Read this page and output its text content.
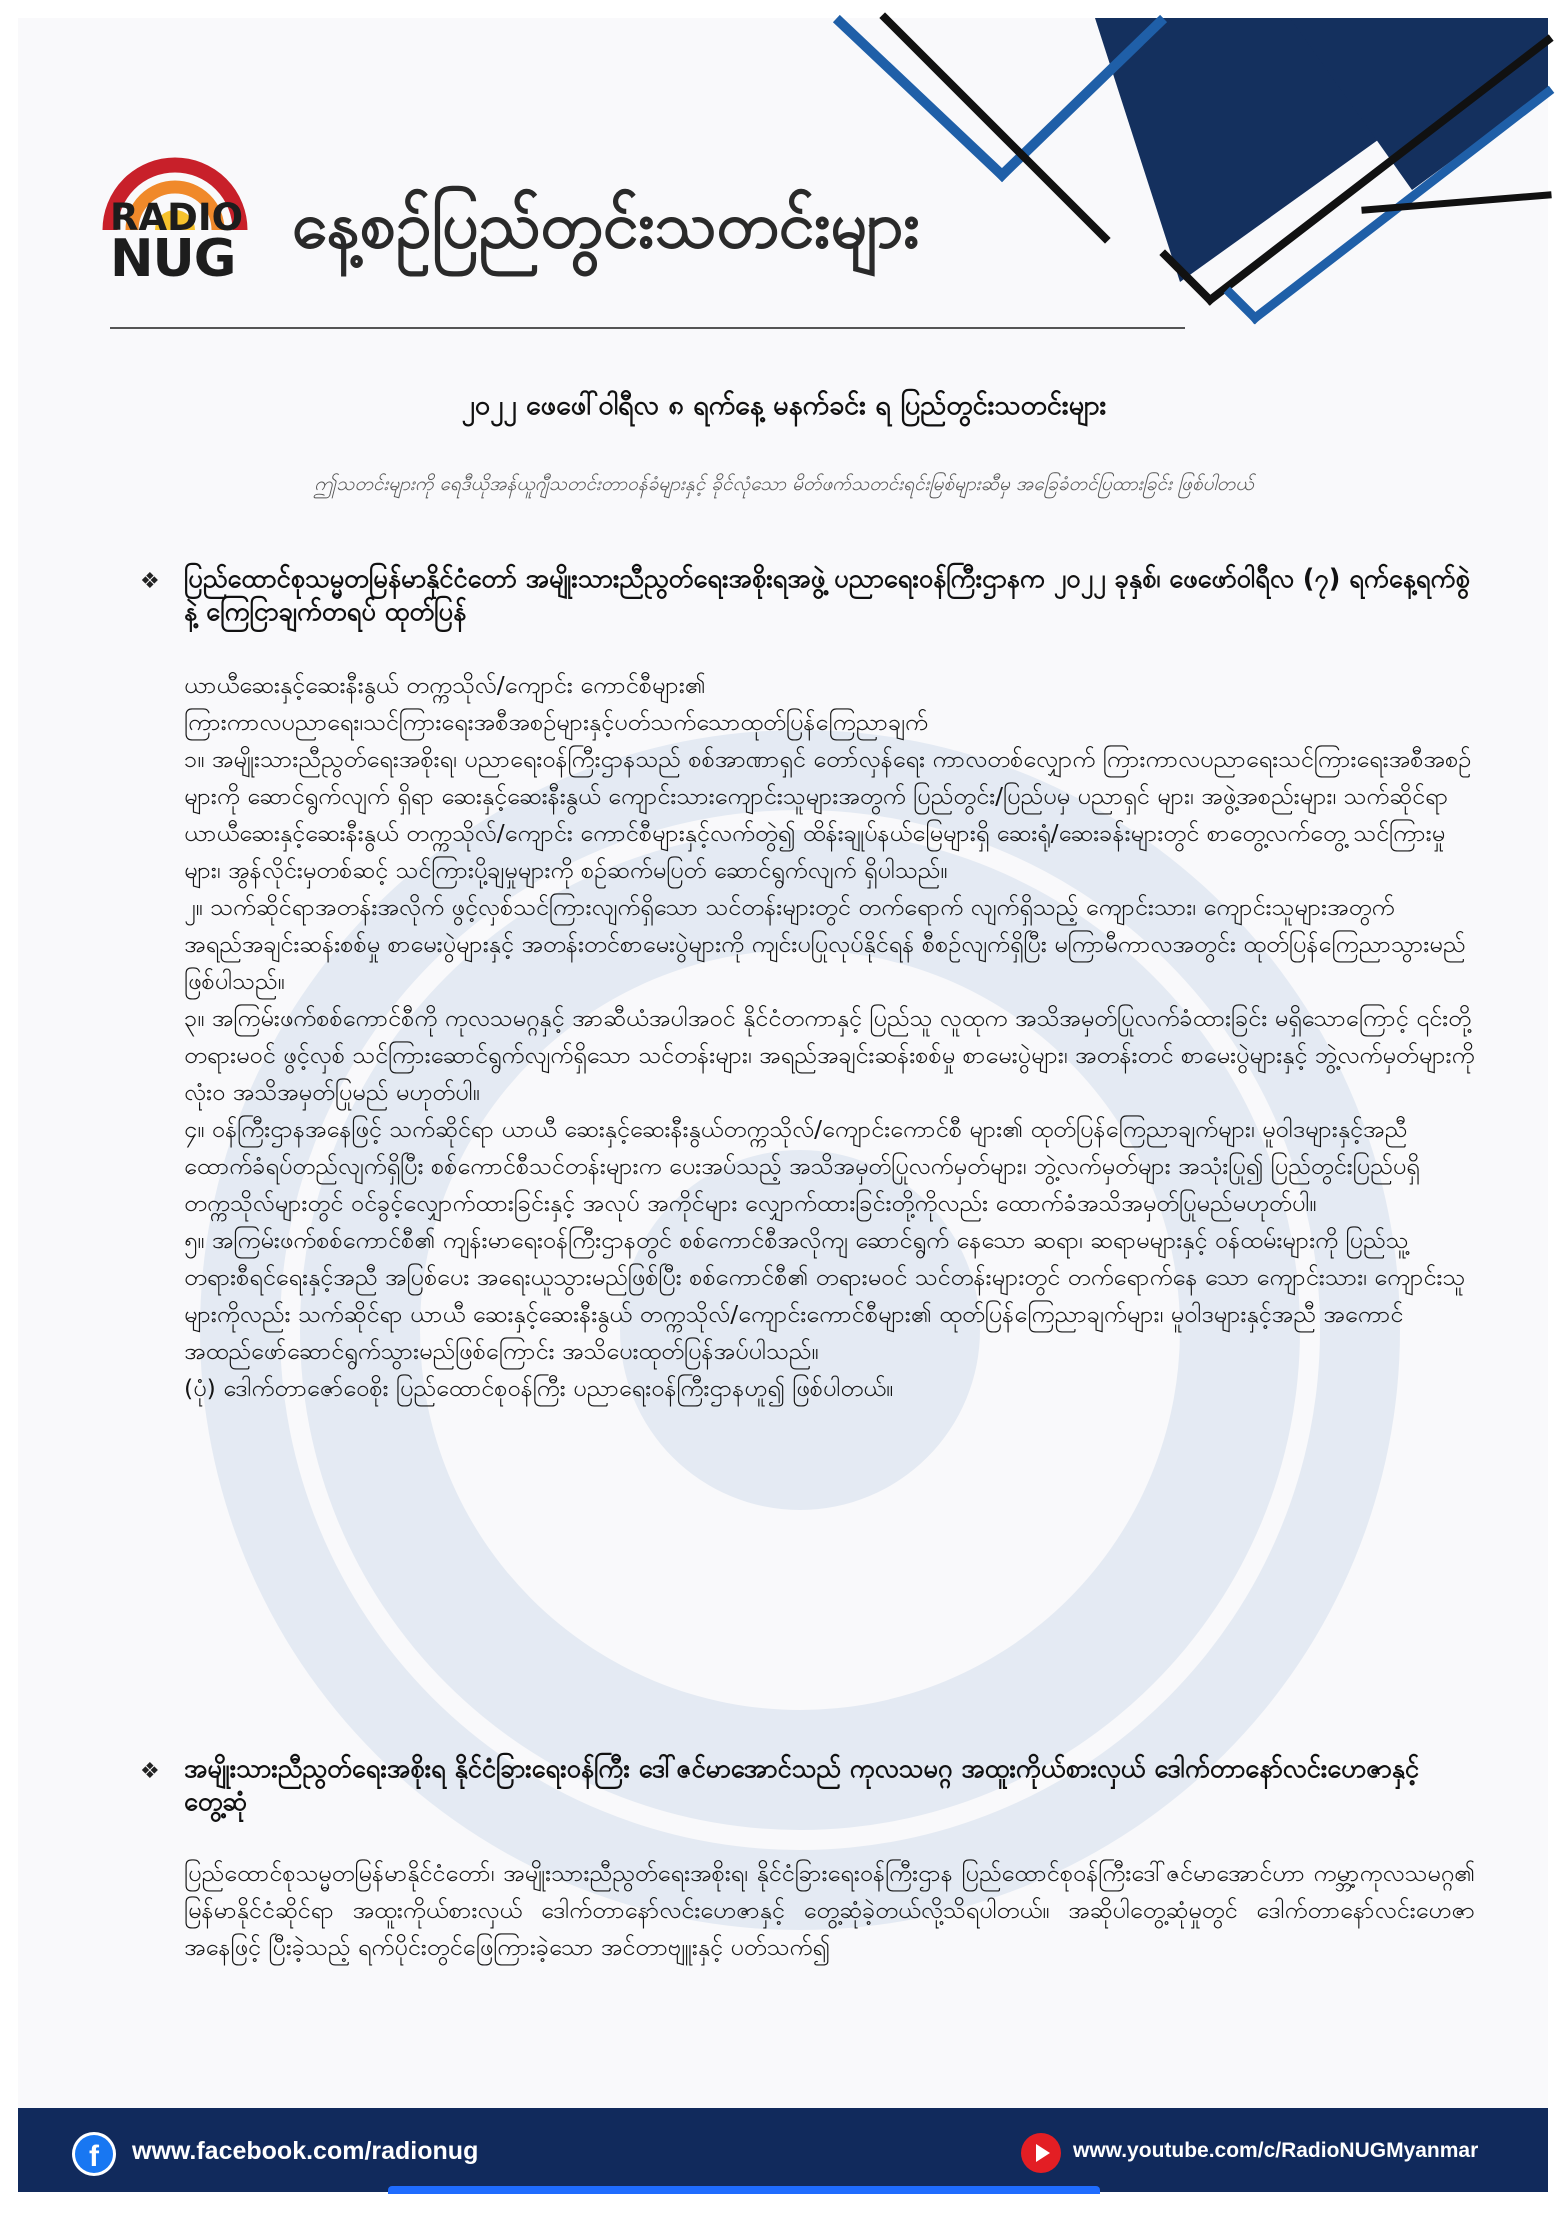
RADIO
NUG နေ့စဉ်ပြည်တွင်းသတင်းများ
၂၀၂၂ ဖေဖေါ်ဝါရီလ ၈ ရက်နေ့ မနက်ခင်း ရ ပြည်တွင်းသတင်းများ
ဤသတင်းများကို ရေဒီယိုအန်ယူဂျီသတင်းတာဝန်ခံများနှင့် ခိုင်လုံသော မိတ်ဖက်သတင်းရင်းမြစ်များဆီမှ အခြေခံတင်ပြထားခြင်း ဖြစ်ပါတယ်
❖ ပြည်ထောင်စုသမ္မတမြန်မာနိုင်ငံတော် အမျိုးသားညီညွတ်ရေးအစိုးရအဖွဲ့ ပညာရေးဝန်ကြီးဌာနက ၂၀၂၂ ခုနှစ်၊ ဖေဖော်ဝါရီလ (၇) ရက်နေ့ရက်စွဲနဲ့ ကြေငြာချက်တရပ် ထုတ်ပြန်

ယာယီဆေးနှင့်ဆေးနီးနွယ် တက္ကသိုလ်/ကျောင်း ကောင်စီများ၏
ကြားကာလပညာရေး၊သင်ကြားရေးအစီအစဥ်များနှင့်ပတ်သက်သောထုတ်ပြန်ကြေညာချက်

၁။ အမျိုးသားညီညွတ်ရေးအစိုးရ၊ ပညာရေးဝန်ကြီးဌာနသည် စစ်အာဏာရှင် တော်လှန်ရေး ကာလတစ်လျှောက် ကြားကာလပညာရေးသင်ကြားရေးအစီအစဉ်များကို ဆောင်ရွက်လျက် ရှိရာ ဆေးနှင့်ဆေးနီးနွယ် ကျောင်းသားကျောင်းသူများအတွက် ပြည်တွင်း/ပြည်ပမှ ပညာရှင် များ၊ အဖွဲ့အစည်းများ၊ သက်ဆိုင်ရာ ယာယီဆေးနှင့်ဆေးနီးနွယ် တက္ကသိုလ်/ကျောင်း ကောင်စီများနှင့်လက်တွဲ၍ ထိန်းချုပ်နယ်မြေများရှိ ဆေးရုံ/ဆေးခန်းများတွင် စာတွေ့လက်တွေ့ သင်ကြားမှုများ၊ အွန်လိုင်းမှတစ်ဆင့် သင်ကြားပို့ချမှုများကို စဉ်ဆက်မပြတ် ဆောင်ရွက်လျက် ရှိပါသည်။

၂။ သက်ဆိုင်ရာအတန်းအလိုက် ဖွင့်လှစ်သင်ကြားလျက်ရှိသော သင်တန်းများတွင် တက်ရောက် လျက်ရှိသည့် ကျောင်းသား၊ ကျောင်းသူများအတွက် အရည်အချင်းဆန်းစစ်မှု စာမေးပွဲများနှင့် အတန်းတင်စာမေးပွဲများကို ကျင်းပပြုလုပ်နိုင်ရန် စီစဉ်လျက်ရှိပြီး မကြာမီကာလအတွင်း ထုတ်ပြန်ကြေညာသွားမည်ဖြစ်ပါသည်။

၃။ အကြမ်းဖက်စစ်ကောင်စီကို ကုလသမဂ္ဂနှင့် အာဆီယံအပါအဝင် နိုင်ငံတကာနှင့် ပြည်သူ လူထုက အသိအမှတ်ပြုလက်ခံထားခြင်း မရှိသောကြောင့် ၎င်းတို့ တရားမဝင် ဖွင့်လှစ် သင်ကြားဆောင်ရွက်လျက်ရှိသော သင်တန်းများ၊ အရည်အချင်းဆန်းစစ်မှု စာမေးပွဲများ၊ အတန်းတင် စာမေးပွဲများနှင့် ဘွဲ့လက်မှတ်များကို လုံးဝ အသိအမှတ်ပြုမည် မဟုတ်ပါ။

၄။ ဝန်ကြီးဌာနအနေဖြင့် သက်ဆိုင်ရာ ယာယီ ဆေးနှင့်ဆေးနီးနွယ်တက္ကသိုလ်/ကျောင်းကောင်စီ များ၏ ထုတ်ပြန်ကြေညာချက်များ၊ မူဝါဒများနှင့်အညီ ထောက်ခံရပ်တည်လျက်ရှိပြီး စစ်ကောင်စီသင်တန်းများက ပေးအပ်သည့် အသိအမှတ်ပြုလက်မှတ်များ၊ ဘွဲ့လက်မှတ်များ အသုံးပြု၍ ပြည်တွင်းပြည်ပရှိ တက္ကသိုလ်များတွင် ဝင်ခွင့်လျှောက်ထားခြင်းနှင့် အလုပ် အကိုင်များ လျှောက်ထားခြင်းတို့ကိုလည်း ထောက်ခံအသိအမှတ်ပြုမည်မဟုတ်ပါ။

၅။ အကြမ်းဖက်စစ်ကောင်စီ၏ ကျန်းမာရေးဝန်ကြီးဌာနတွင် စစ်ကောင်စီအလိုကျ ဆောင်ရွက် နေသော ဆရာ၊ ဆရာမများနှင့် ဝန်ထမ်းများကို ပြည်သူ့တရားစီရင်ရေးနှင့်အညီ အပြစ်ပေး အရေးယူသွားမည်ဖြစ်ပြီး စစ်ကောင်စီ၏ တရားမဝင် သင်တန်းများတွင် တက်ရောက်နေ သော ကျောင်းသား၊ ကျောင်းသူများကိုလည်း သက်ဆိုင်ရာ ယာယီ ဆေးနှင့်ဆေးနီးနွယ် တက္ကသိုလ်/ကျောင်းကောင်စီများ၏ ထုတ်ပြန်ကြေညာချက်များ၊ မူဝါဒများနှင့်အညီ အကောင် အထည်ဖော်ဆောင်ရွက်သွားမည်ဖြစ်ကြောင်း အသိပေးထုတ်ပြန်အပ်ပါသည်။

(ပုံ) ဒေါက်တာဇော်ဝေစိုး ပြည်ထောင်စုဝန်ကြီး ပညာရေးဝန်ကြီးဌာနဟူ၍ ဖြစ်ပါတယ်။

❖ အမျိုးသားညီညွတ်ရေးအစိုးရ နိုင်ငံခြားရေးဝန်ကြီး ဒေါ်ဇင်မာအောင်သည် ကုလသမဂ္ဂ အထူးကိုယ်စားလှယ် ဒေါက်တာနော်လင်းဟေဇာနှင့် တွေ့ဆုံ

ပြည်ထောင်စုသမ္မတမြန်မာနိုင်ငံတော်၊ အမျိုးသားညီညွတ်ရေးအစိုးရ၊ နိုင်ငံခြားရေးဝန်ကြီးဌာန ပြည်ထောင်စုဝန်ကြီးဒေါ်ဇင်မာအောင်ဟာ ကမ္ဘာ့ကုလသမဂ္ဂ၏ မြန်မာနိုင်ငံဆိုင်ရာ အထူးကိုယ်စားလှယ် ဒေါက်တာနော်လင်းဟေဇာနှင့် တွေ့ဆုံခဲ့တယ်လို့သိရပါတယ်။ အဆိုပါတွေ့ဆုံမှုတွင် ဒေါက်တာနော်လင်းဟေဇာအနေဖြင့် ပြီးခဲ့သည့် ရက်ပိုင်းတွင်ဖြေကြားခဲ့သော အင်တာဗျူးနှင့် ပတ်သက်၍

f	www.facebook.com/radionug	www.youtube.com/c/RadioNUGMyanmar
